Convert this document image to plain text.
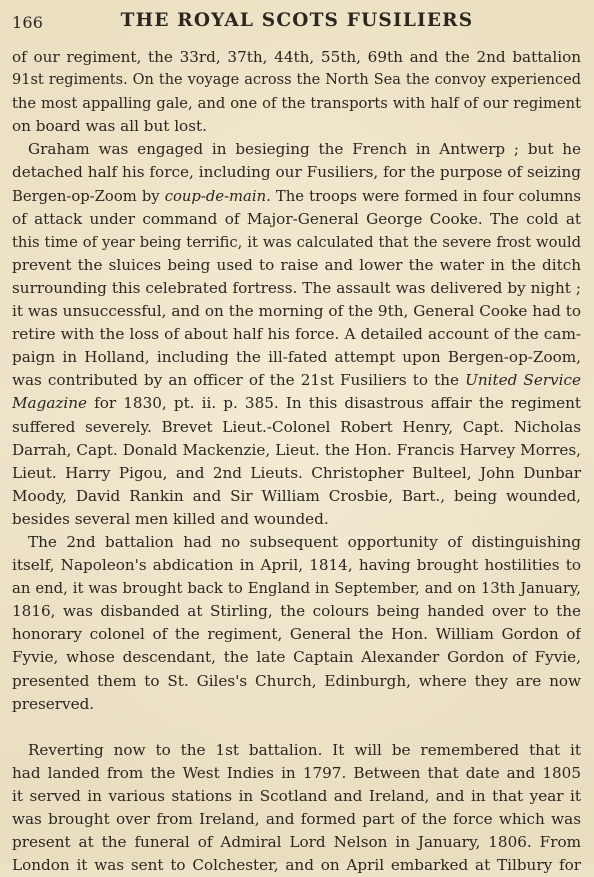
166	THE ROYAL SCOTS FUSILIERS
of our regiment, the 33rd, 37th, 44th, 55th, 69th and the 2nd battalion
91st regiments. On the voyage across the North Sea the convoy experienced
the most appalling gale, and one of the transports with half of our regiment
on board was all but lost.
Graham was engaged in besieging the French in Antwerp ; but he
detached half his force, including our Fusiliers, for the purpose of seizing
Bergen-op-Zoom by coup-de-main. The troops were formed in four columns
of attack under command of Major-General George Cooke. The cold at
this time of year being terrific, it was calculated that the severe frost would
prevent the sluices being used to raise and lower the water in the ditch
surrounding this celebrated fortress. The assault was delivered by night ;
it was unsuccessful, and on the morning of the 9th, General Cooke had to
retire with the loss of about half his force. A detailed account of the cam-
paign in Holland, including the ill-fated attempt upon Bergen-op-Zoom,
was contributed by an officer of the 21st Fusiliers to the United Service
Magazine for 1830, pt. ii. p. 385. In this disastrous affair the regiment
suffered severely. Brevet Lieut.-Colonel Robert Henry, Capt. Nicholas
Darrah, Capt. Donald Mackenzie, Lieut. the Hon. Francis Harvey Morres,
Lieut. Harry Pigou, and 2nd Lieuts. Christopher Bulteel, John Dunbar
Moody, David Rankin and Sir William Crosbie, Bart., being wounded,
besides several men killed and wounded.
The 2nd battalion had no subsequent opportunity of distinguishing
itself, Napoleon's abdication in April, 1814, having brought hostilities to
an end, it was brought back to England in September, and on 13th January,
1816, was disbanded at Stirling, the colours being handed over to the
honorary colonel of the regiment, General the Hon. William Gordon of
Fyvie, whose descendant, the late Captain Alexander Gordon of Fyvie,
presented them to St. Giles's Church, Edinburgh, where they are now
preserved.
Reverting now to the 1st battalion. It will be remembered that it
had landed from the West Indies in 1797. Between that date and 1805
it served in various stations in Scotland and Ireland, and in that year it
was brought over from Ireland, and formed part of the force which was
present at the funeral of Admiral Lord Nelson in January, 1806. From
London it was sent to Colchester, and on April embarked at Tilbury for
